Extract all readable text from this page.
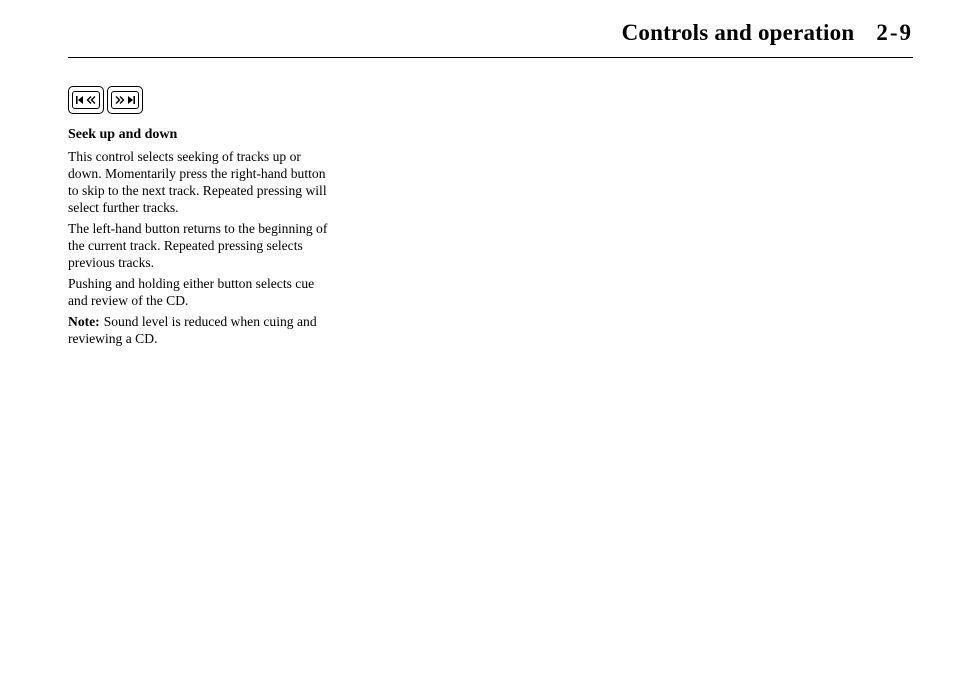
Controls and operation 2-9
Seek up and down

This control selects seeking of tracks up or down. Momentarily press the right-hand button to skip to the next track. Repeated pressing will select further tracks.

The left-hand button returns to the beginning of the current track. Repeated pressing selects previous tracks.

Pushing and holding either button selects cue and review of the CD.

Note: Sound level is reduced when cuing and reviewing a CD.
